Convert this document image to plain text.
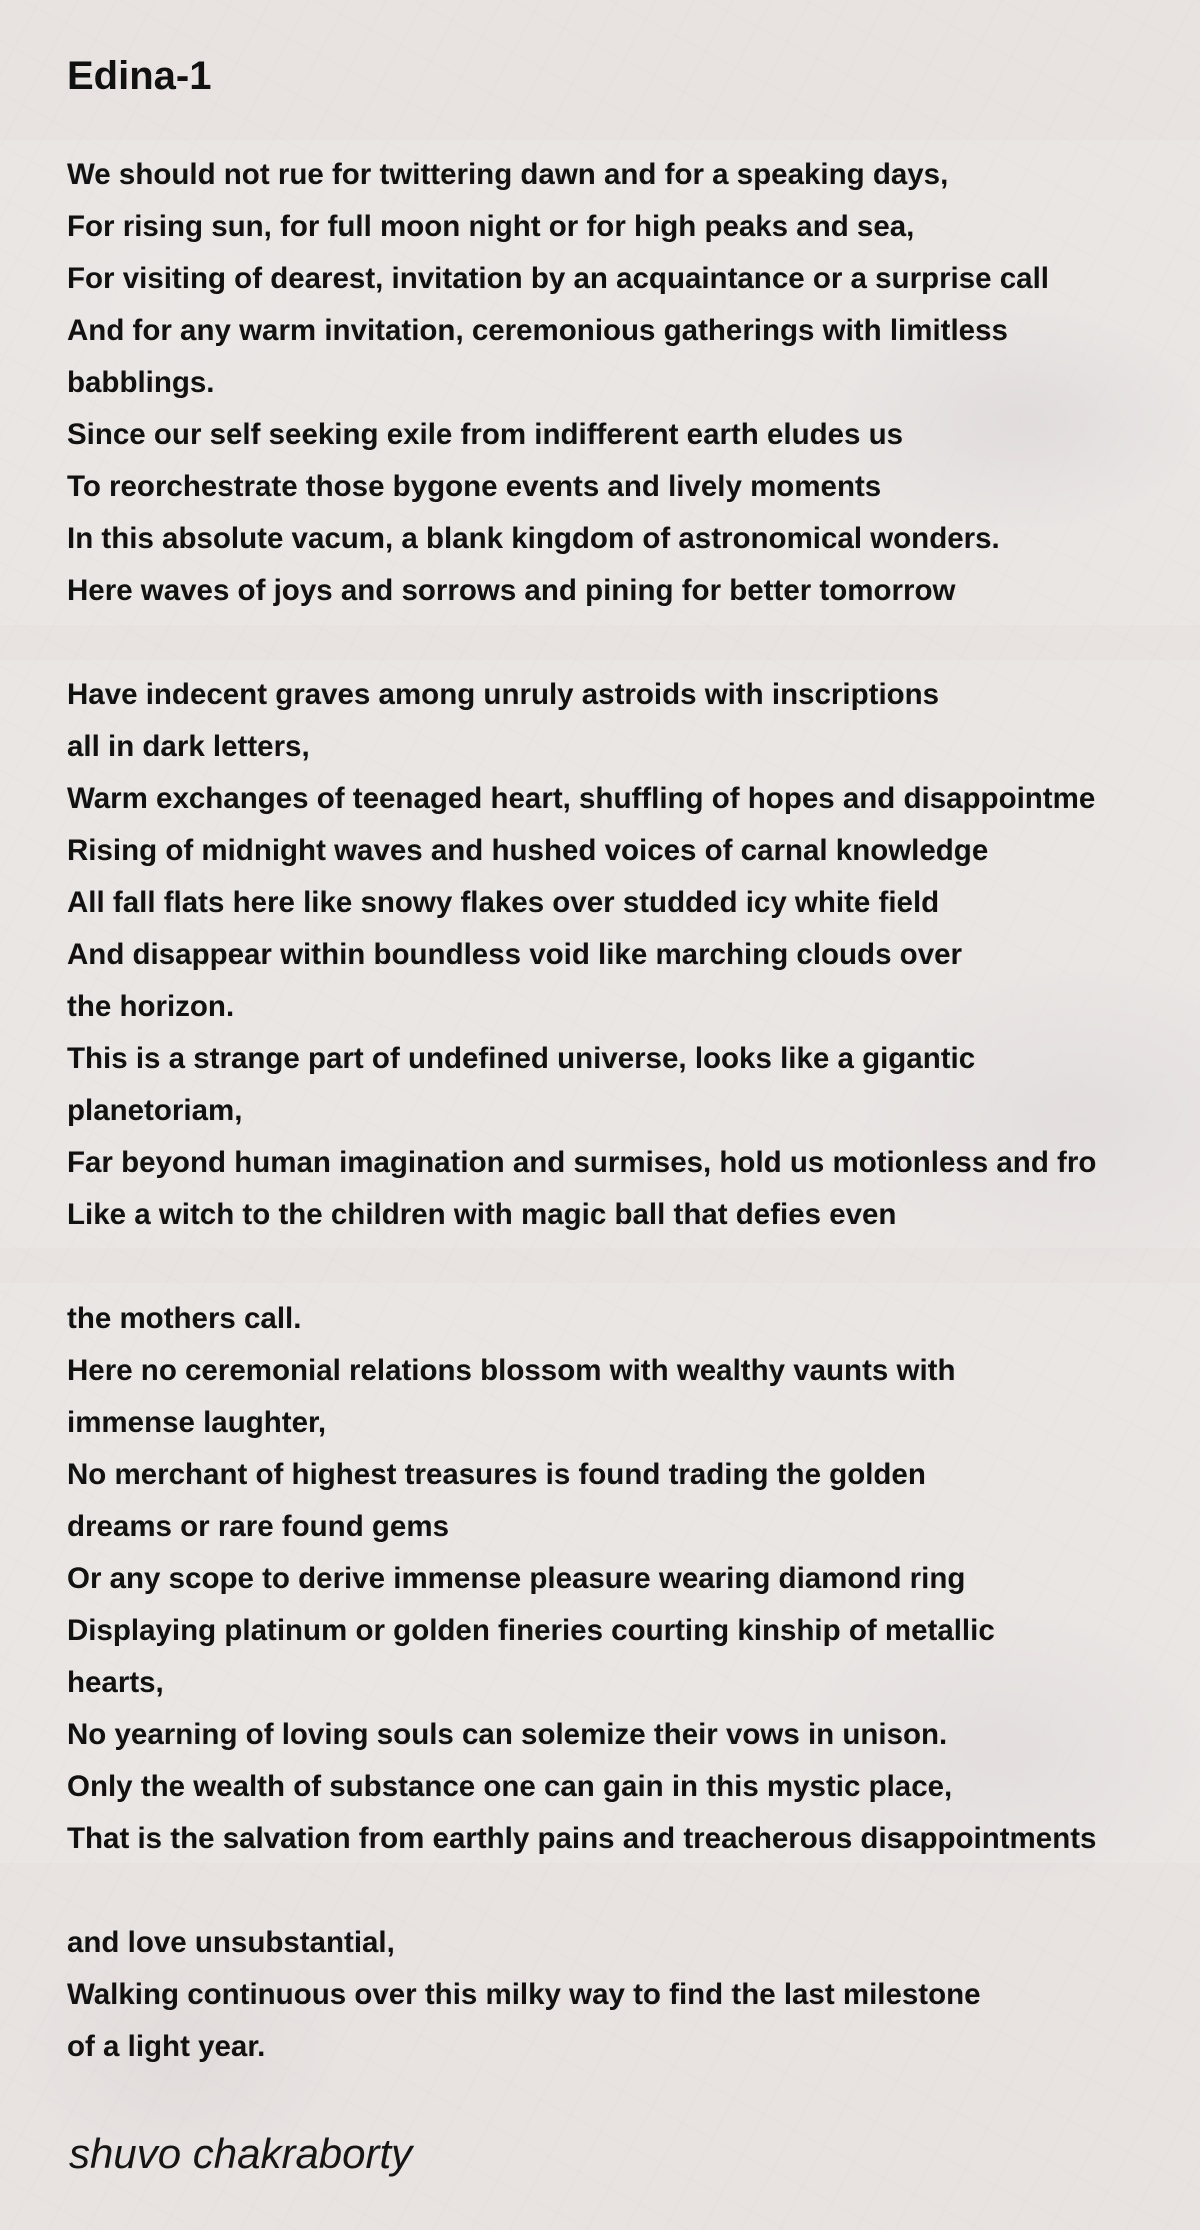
Edina-1
We should not rue for twittering dawn and for a speaking days,
For rising sun, for full moon night or for high peaks and sea,
For visiting of dearest, invitation by an acquaintance or a surprise call
And for any warm invitation, ceremonious gatherings with limitless
babblings.
Since our self seeking exile from indifferent earth eludes us
To reorchestrate those bygone events and lively moments
In this absolute vacum, a blank kingdom of astronomical wonders.
Here waves of joys and sorrows and pining for better tomorrow
Have indecent graves among unruly astroids with inscriptions
all in dark letters,
Warm exchanges of teenaged heart, shuffling of hopes and disappointme
Rising of midnight waves and hushed voices of carnal knowledge
All fall flats here like snowy flakes over studded icy white field
And disappear within boundless void like marching clouds over
the horizon.
This is a strange part of undefined universe, looks like a gigantic
planetoriam,
Far beyond human imagination and surmises, hold us motionless and fro
Like a witch to the children with magic ball that defies even
the mothers call.
Here no ceremonial relations blossom with wealthy vaunts with
immense laughter,
No merchant of highest treasures is found trading the golden
dreams or rare found gems
Or any scope to derive immense pleasure wearing diamond ring
Displaying platinum or golden fineries courting kinship of metallic
hearts,
No yearning of loving souls can solemize their vows in unison.
Only the wealth of substance one can gain in this mystic place,
That is the salvation from earthly pains and treacherous disappointments
and love unsubstantial,
Walking continuous over this milky way to find the last milestone
of a light year.
shuvo chakraborty
